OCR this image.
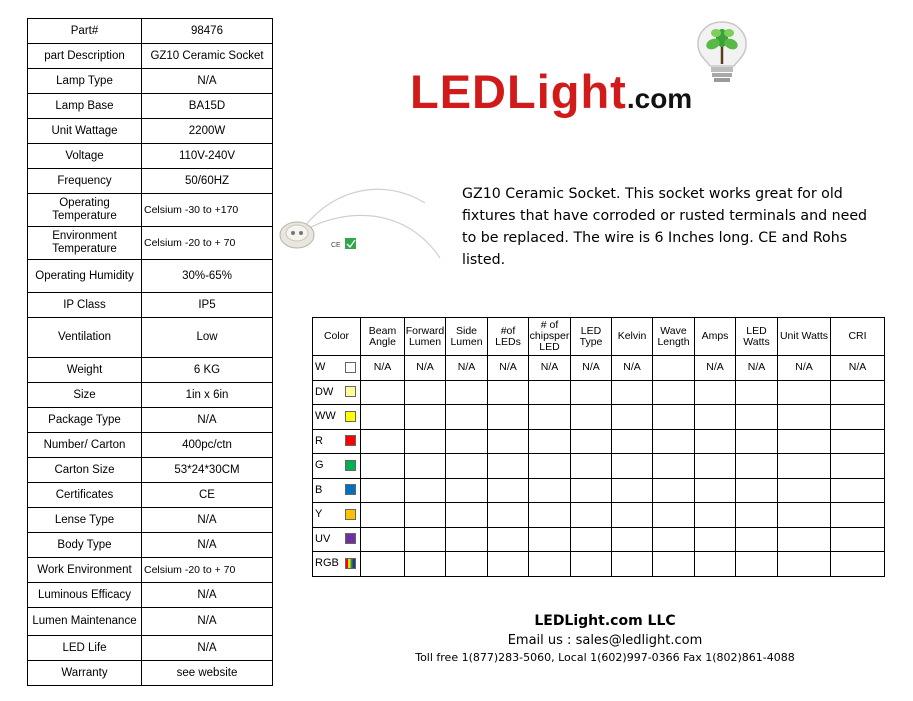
Part#	98476
part Description	GZ10 Ceramic Socket
Lamp Type	N/A
Lamp Base	BA15D
Unit Wattage	2200W
Voltage	110V-240V
Frequency	50/60HZ
Operating Temperature	Celsium -30 to +170
Environment Temperature	Celsium -20 to + 70
Operating Humidity	30%-65%
IP Class	IP5
Ventilation	Low
Weight	6 KG
Size	1in x 6in
Package Type	N/A
Number/ Carton	400pc/ctn
Carton Size	53*24*30CM
Certificates	CE
Lense Type	N/A
Body Type	N/A
Work Environment	Celsium -20 to + 70
Luminous Efficacy	N/A
Lumen Maintenance	N/A
LED Life	N/A
Warranty	see website
LEDLight.com
CE
GZ10 Ceramic Socket. This socket works great for old fixtures that have corroded or rusted terminals and need to be replaced. The wire is 6 Inches long. CE and Rohs listed.
Color	Beam Angle	Forward Lumen	Side Lumen	#of LEDs	# of chipsper LED	LED Type	Kelvin	Wave Length	Amps	LED Watts	Unit Watts	CRI
W	N/A	N/A	N/A	N/A	N/A	N/A	N/A		N/A	N/A	N/A	N/A
DW

WW

R

G

B

Y

UV

RGB

LEDLight.com LLC
Email us : sales@ledlight.com
Toll free 1(877)283-5060, Local 1(602)997-0366 Fax 1(802)861-4088
